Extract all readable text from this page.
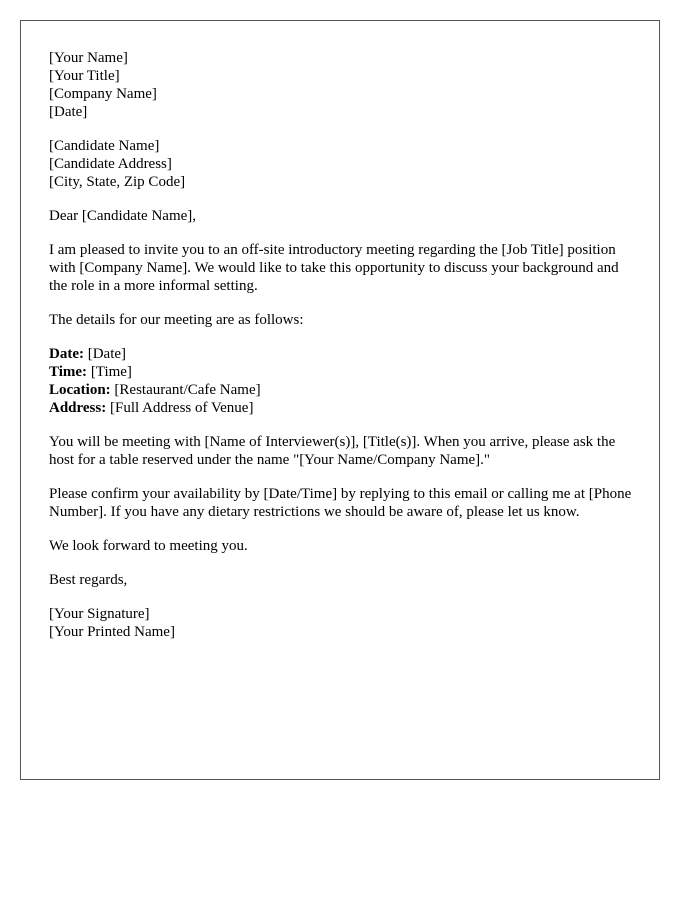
[Your Name]
[Your Title]
[Company Name]
[Date]
[Candidate Name]
[Candidate Address]
[City, State, Zip Code]

Dear [Candidate Name],

I am pleased to invite you to an off-site introductory meeting regarding the [Job Title] position with [Company Name]. We would like to take this opportunity to discuss your background and the role in a more informal setting.

The details for our meeting are as follows:

Date: [Date]
Time: [Time]
Location: [Restaurant/Cafe Name]
Address: [Full Address of Venue]

You will be meeting with [Name of Interviewer(s)], [Title(s)]. When you arrive, please ask the host for a table reserved under the name "[Your Name/Company Name]."

Please confirm your availability by [Date/Time] by replying to this email or calling me at [Phone Number]. If you have any dietary restrictions we should be aware of, please let us know.

We look forward to meeting you.

Best regards,

[Your Signature]
[Your Printed Name]
